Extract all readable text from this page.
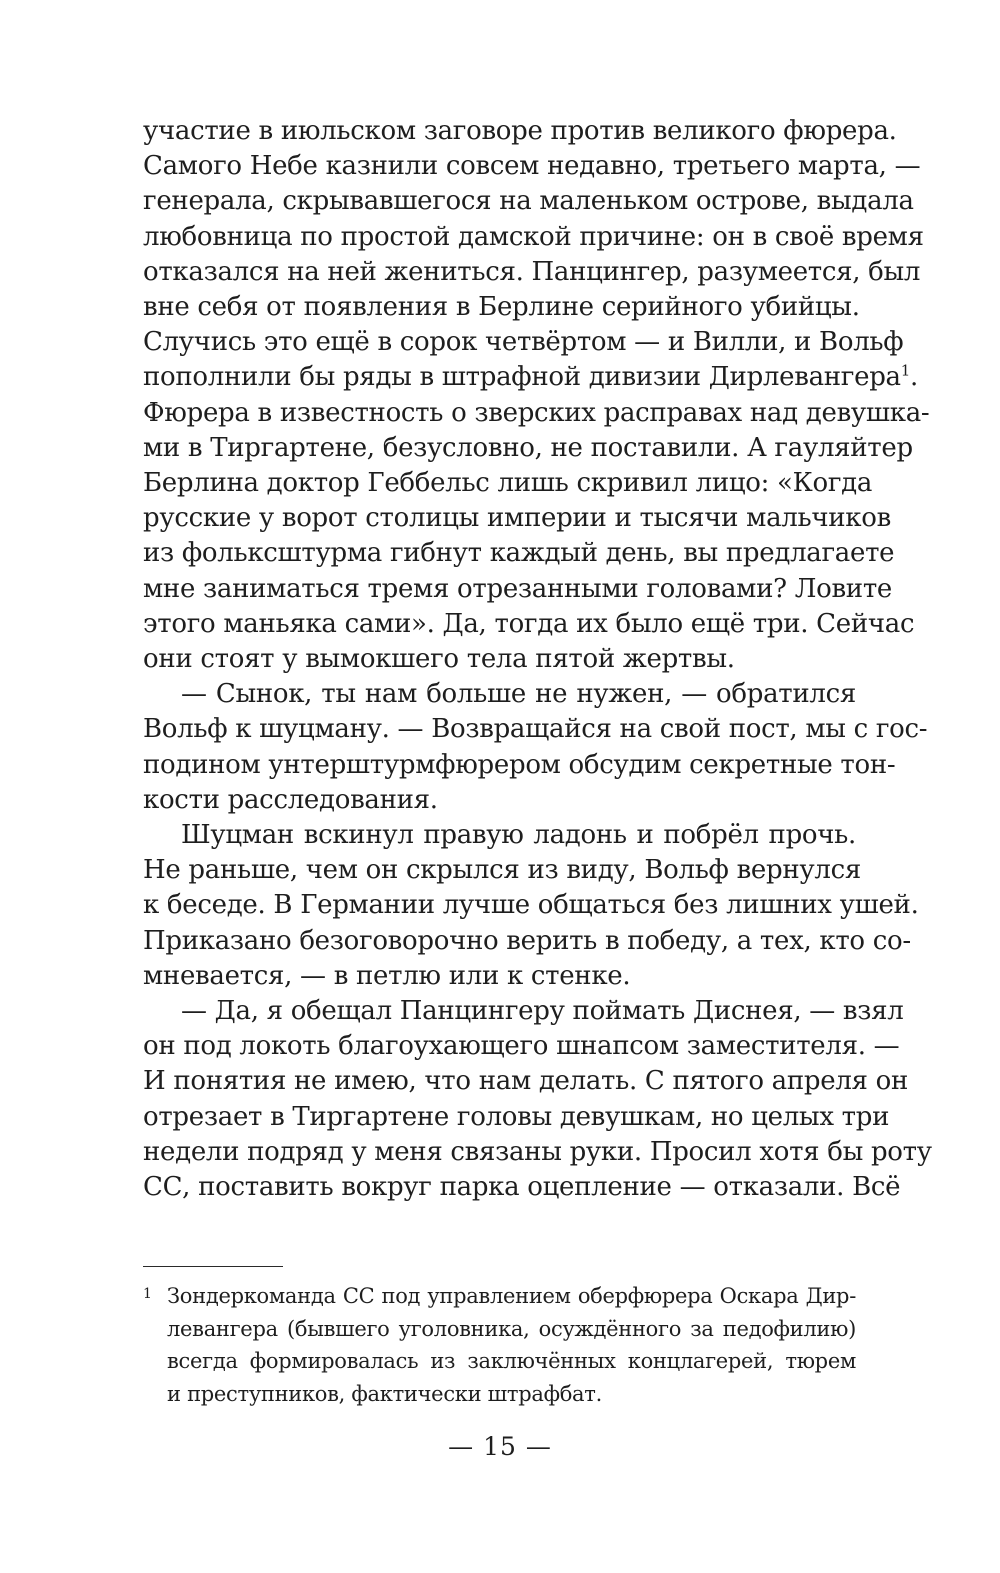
участие в июльском заговоре против великого фюрера.
Самого Небе казнили совсем недавно, третьего марта, —
генерала, скрывавшегося на маленьком острове, выдала
любовница по простой дамской причине: он в своё время
отказался на ней жениться. Панцингер, разумеется, был
вне себя от появления в Берлине серийного убийцы.
Случись это ещё в сорок четвёртом — и Вилли, и Вольф
пополнили бы ряды в штрафной дивизии Дирлевангера$^1$.
Фюрера в известность о зверских расправах над девушка-
ми в Тиргартене, безусловно, не поставили. А гауляйтер
Берлина доктор Геббельс лишь скривил лицо: «Когда
русские у ворот столицы империи и тысячи мальчиков
из фольксштурма гибнут каждый день, вы предлагаете
мне заниматься тремя отрезанными головами? Ловите
этого маньяка сами». Да, тогда их было ещё три. Сейчас
они стоят у вымокшего тела пятой жертвы.
— Сынок, ты нам больше не нужен, — обратился
Вольф к шуцману. — Возвращайся на свой пост, мы с гос-
подином унтерштурмфюрером обсудим секретные тон-
кости расследования.
Шуцман вскинул правую ладонь и побрёл прочь.
Не раньше, чем он скрылся из виду, Вольф вернулся
к беседе. В Германии лучше общаться без лишних ушей.
Приказано безоговорочно верить в победу, а тех, кто со-
мневается, — в петлю или к стенке.
— Да, я обещал Панцингеру поймать Диснея, — взял
он под локоть благоухающего шнапсом заместителя. —
И понятия не имею, что нам делать. С пятого апреля он
отрезает в Тиргартене головы девушкам, но целых три
недели подряд у меня связаны руки. Просил хотя бы роту
СС, поставить вокруг парка оцепление — отказали. Всё
1 Зондеркоманда СС под управлением оберфюрера Оскара Дир-
левангера (бывшего уголовника, осуждённого за педофилию)
всегда формировалась из заключённых концлагерей, тюрем
и преступников, фактически штрафбат.
— 15 —
